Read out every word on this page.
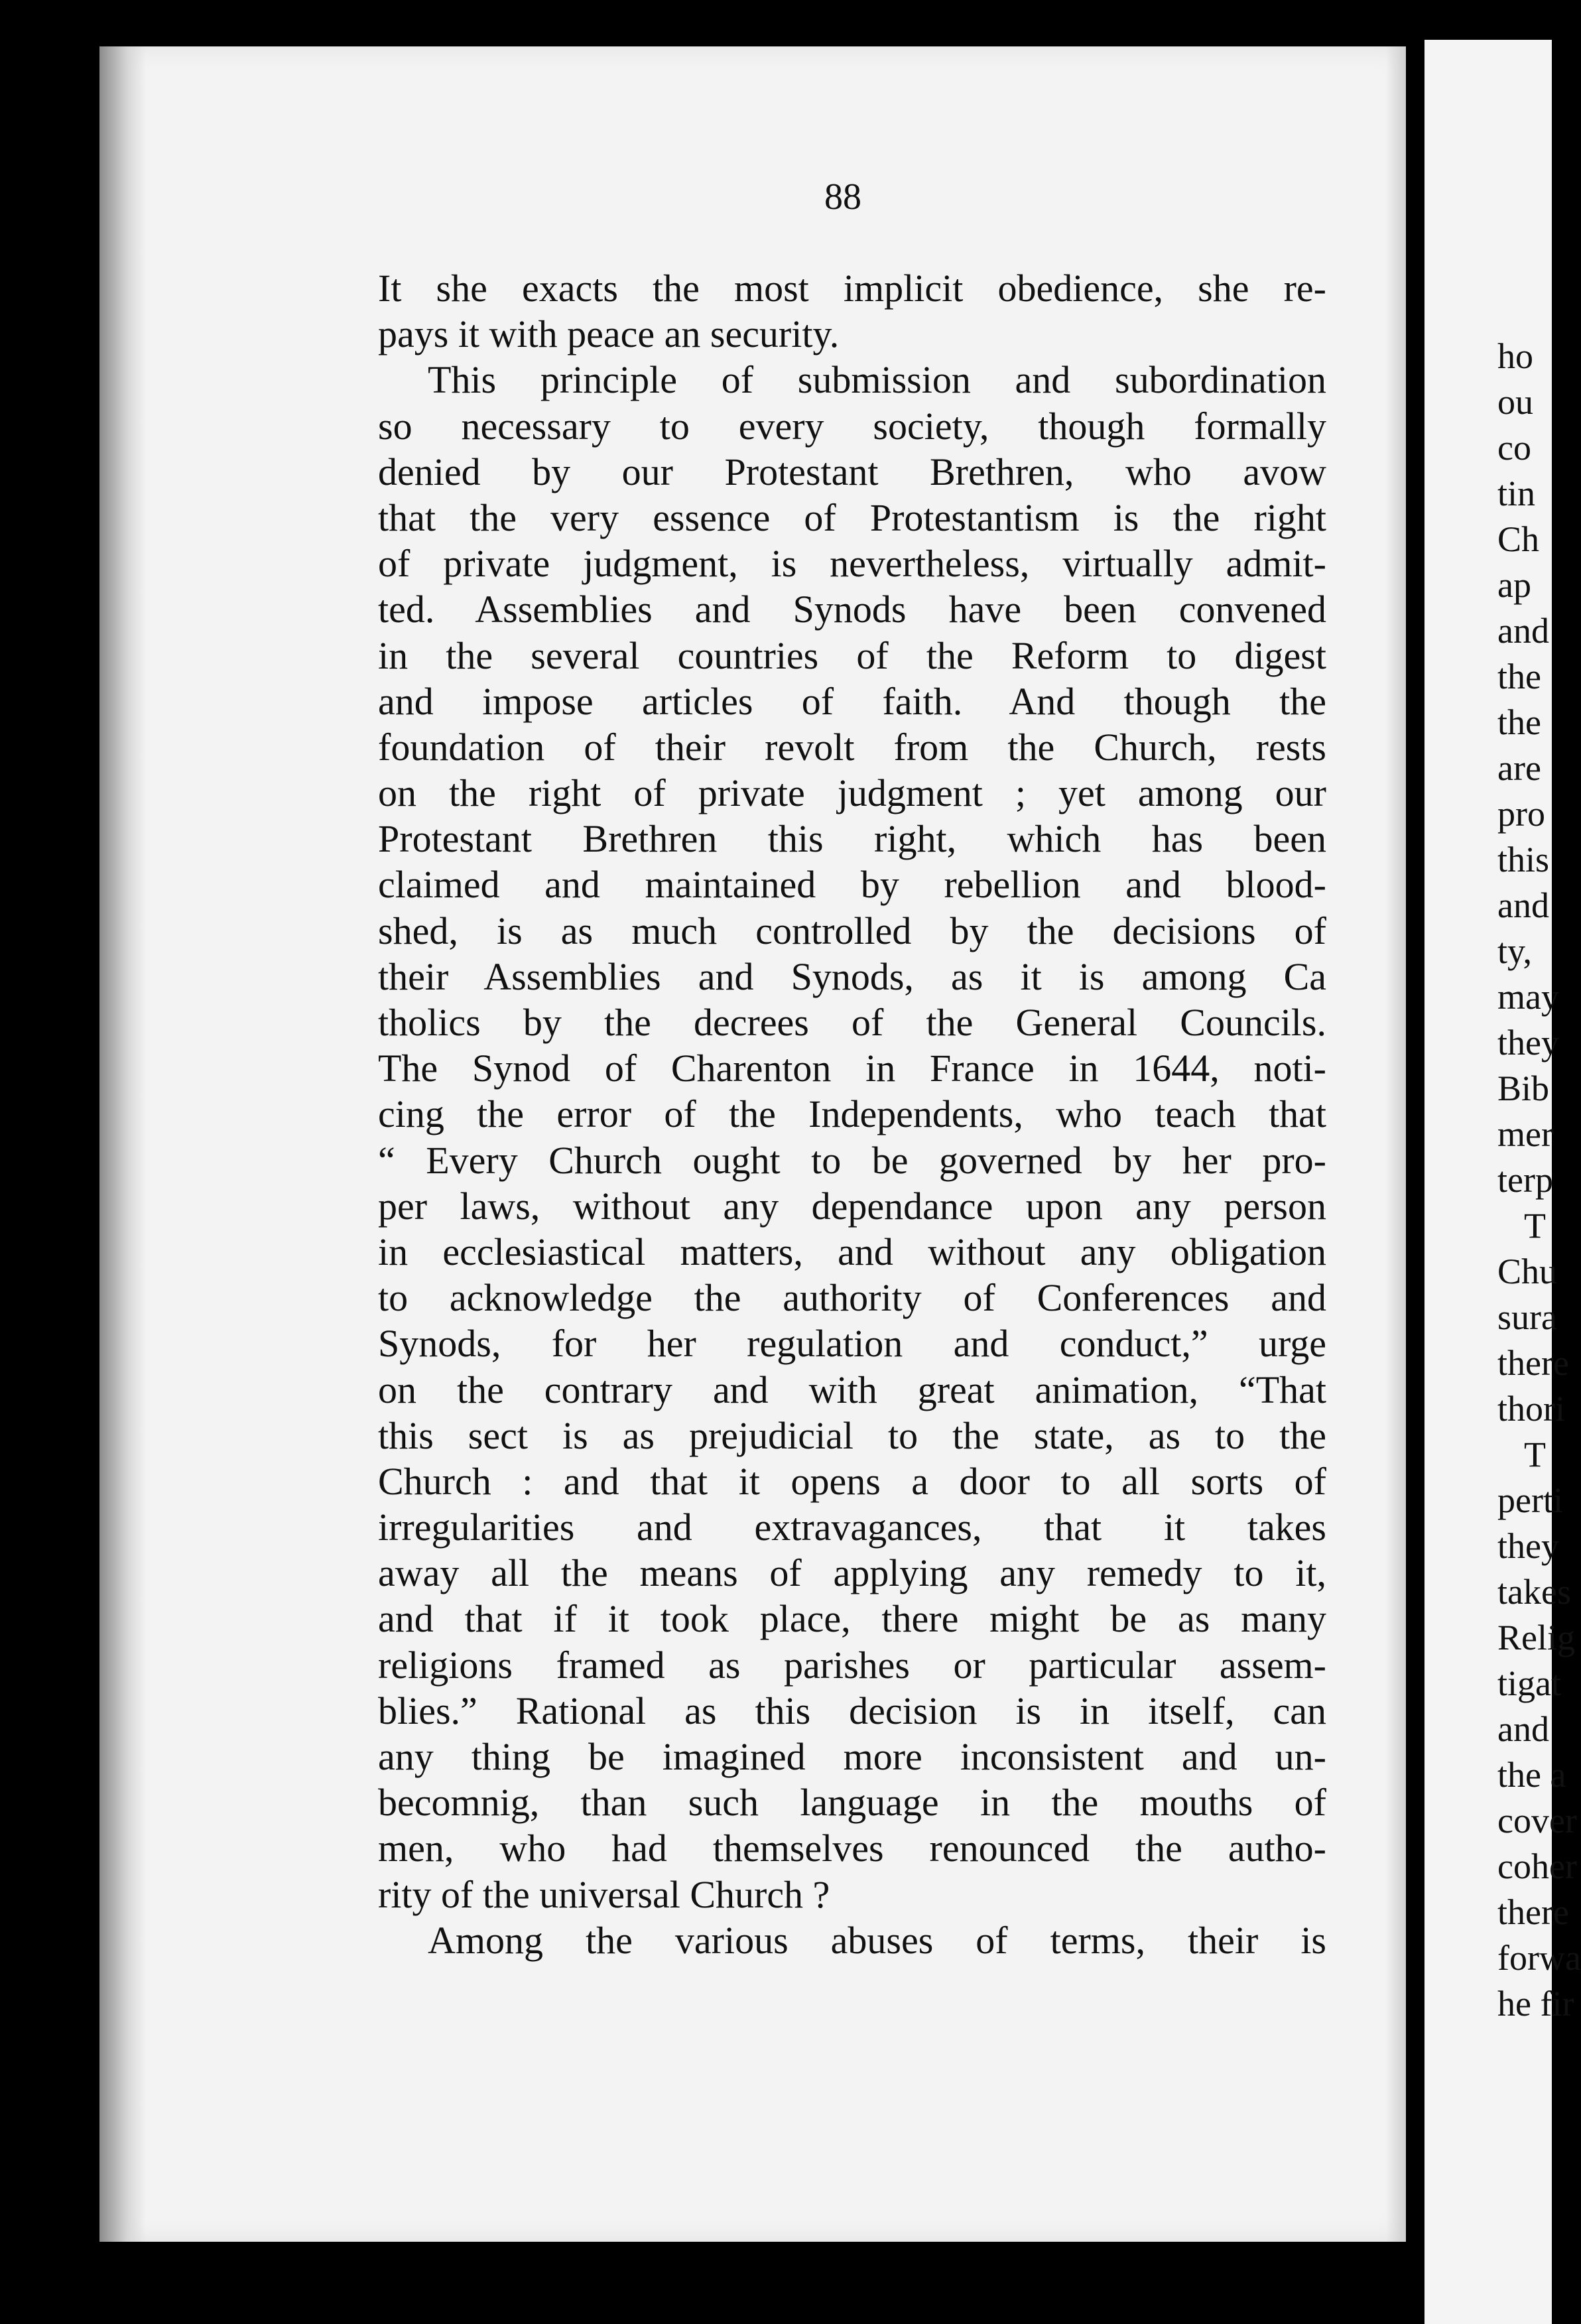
88
It she exacts the most implicit obedience, she re-
pays it with peace an security.
This principle of submission and subordination
so necessary to every society, though formally
denied by our Protestant Brethren, who avow
that the very essence of Protestantism is the right
of private judgment, is nevertheless, virtually admit-
ted. Assemblies and Synods have been convened
in the several countries of the Reform to digest
and impose articles of faith. And though the
foundation of their revolt from the Church, rests
on the right of private judgment ; yet among our
Protestant Brethren this right, which has been
claimed and maintained by rebellion and blood-
shed, is as much controlled by the decisions of
their Assemblies and Synods, as it is among Ca
tholics by the decrees of the General Councils.
The Synod of Charenton in France in 1644, noti-
cing the error of the Independents, who teach that
“ Every Church ought to be governed by her pro-
per laws, without any dependance upon any person
in ecclesiastical matters, and without any obligation
to acknowledge the authority of Conferences and
Synods, for her regulation and conduct,” urge
on the contrary and with great animation, “That
this sect is as prejudicial to the state, as to the
Church : and that it opens a door to all sorts of
irregularities and extravagances, that it takes
away all the means of applying any remedy to it,
and that if it took place, there might be as many
religions framed as parishes or particular assem-
blies.” Rational as this decision is in itself, can
any thing be imagined more inconsistent and un-
becomnig, than such language in the mouths of
men, who had themselves renounced the autho-
rity of the universal Church ?
Among the various abuses of terms, their is
ho
ou
co
tin
Ch
ap
and
the
the
are
pro
this
and
ty,
may
they
Bib
mer
terp
T
Chu
sura
there
thori
T
perti
they
takes
Relig
tigat
and
the a
cover
coher
there
forwa
he fir
